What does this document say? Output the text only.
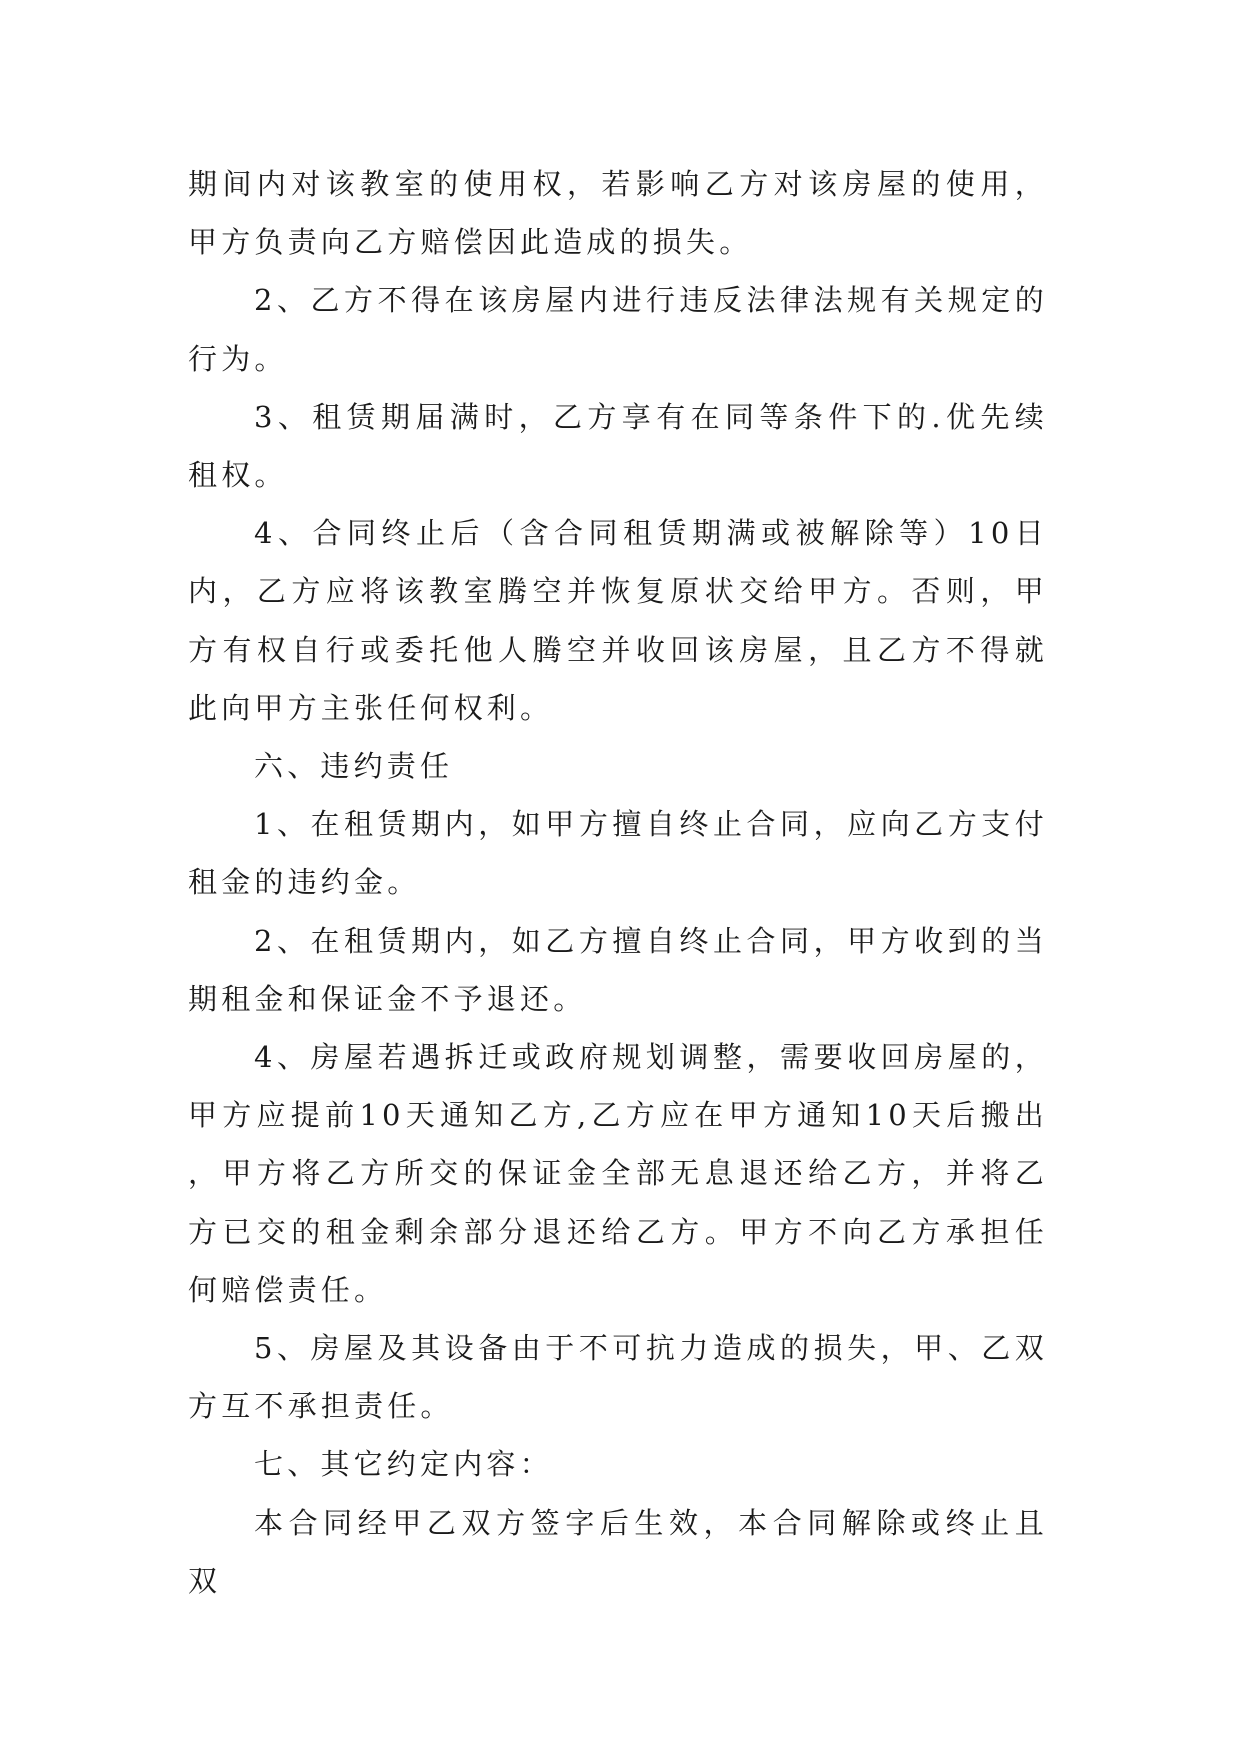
期间内对该教室的使用权，若影响乙方对该房屋的使用，甲方负责向乙方赔偿因此造成的损失。

2、乙方不得在该房屋内进行违反法律法规有关规定的行为。

3、租赁期届满时，乙方享有在同等条件下的.优先续租权。

4、合同终止后（含合同租赁期满或被解除等）10日内，乙方应将该教室腾空并恢复原状交给甲方。否则，甲方有权自行或委托他人腾空并收回该房屋，且乙方不得就此向甲方主张任何权利。

六、违约责任

1、在租赁期内，如甲方擅自终止合同，应向乙方支付租金的违约金。

2、在租赁期内，如乙方擅自终止合同，甲方收到的当期租金和保证金不予退还。

4、房屋若遇拆迁或政府规划调整，需要收回房屋的，甲方应提前10天通知乙方,乙方应在甲方通知10天后搬出，甲方将乙方所交的保证金全部无息退还给乙方，并将乙方已交的租金剩余部分退还给乙方。甲方不向乙方承担任何赔偿责任。

5、房屋及其设备由于不可抗力造成的损失，甲、乙双方互不承担责任。

七、其它约定内容：

本合同经甲乙双方签字后生效，本合同解除或终止且双
